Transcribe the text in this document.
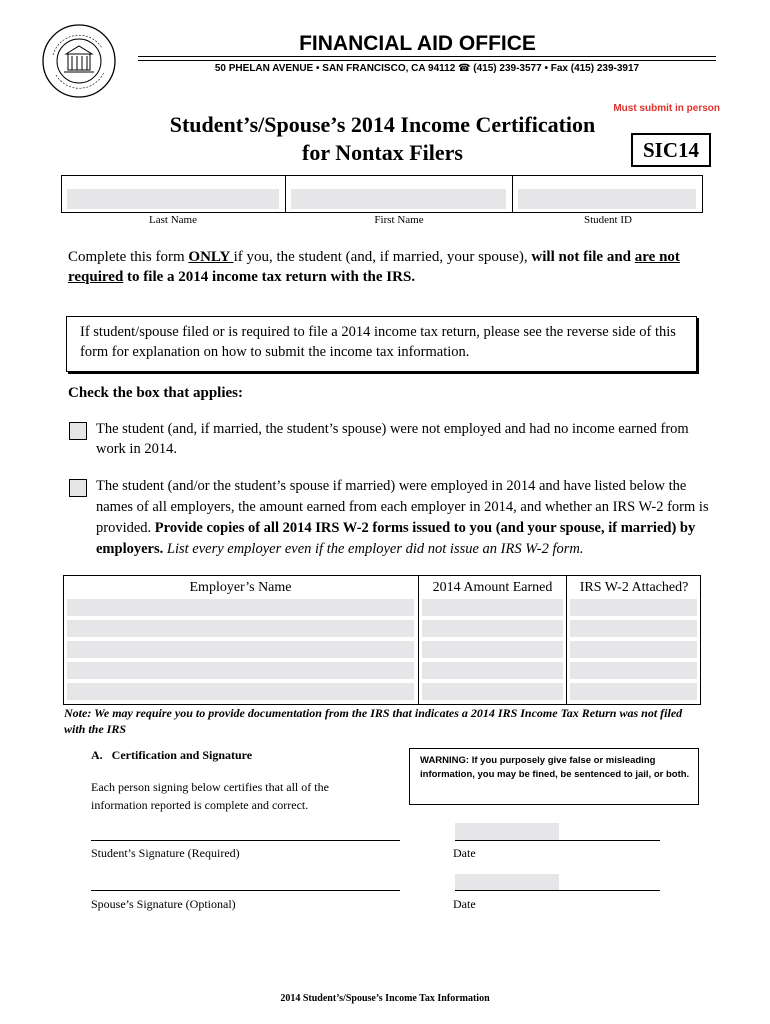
FINANCIAL AID OFFICE
50 PHELAN AVENUE • SAN FRANCISCO, CA 94112 ☎ (415) 239-3577 • Fax (415) 239-3917
Must submit in person
Student’s/Spouse’s 2014 Income Certification
for Nontax Filers	SIC14
Last Name	First Name	Student ID

Complete this form ONLY if you, the student (and, if married, your spouse), will not file and are not required to file a 2014 income tax return with the IRS.

If student/spouse filed or is required to file a 2014 income tax return, please see the reverse side of this form for explanation on how to submit the income tax information.

Check the box that applies:

The student (and, if married, the student’s spouse) were not employed and had no income earned from work in 2014.

The student (and/or the student’s spouse if married) were employed in 2014 and have listed below the names of all employers, the amount earned from each employer in 2014, and whether an IRS W-2 form is provided. Provide copies of all 2014 IRS W-2 forms issued to you (and your spouse, if married) by employers. List every employer even if the employer did not issue an IRS W-2 form.

Employer’s Name	2014 Amount Earned	IRS W-2 Attached?

Note: We may require you to provide documentation from the IRS that indicates a 2014 IRS Income Tax Return was not filed with the IRS

A.   Certification and Signature

Each person signing below certifies that all of the information reported is complete and correct.

WARNING: If you purposely give false or misleading information, you may be fined, be sentenced to jail, or both.

Student’s Signature (Required)	Date
Spouse’s Signature (Optional)	Date
2014 Student’s/Spouse’s Income Tax Information
